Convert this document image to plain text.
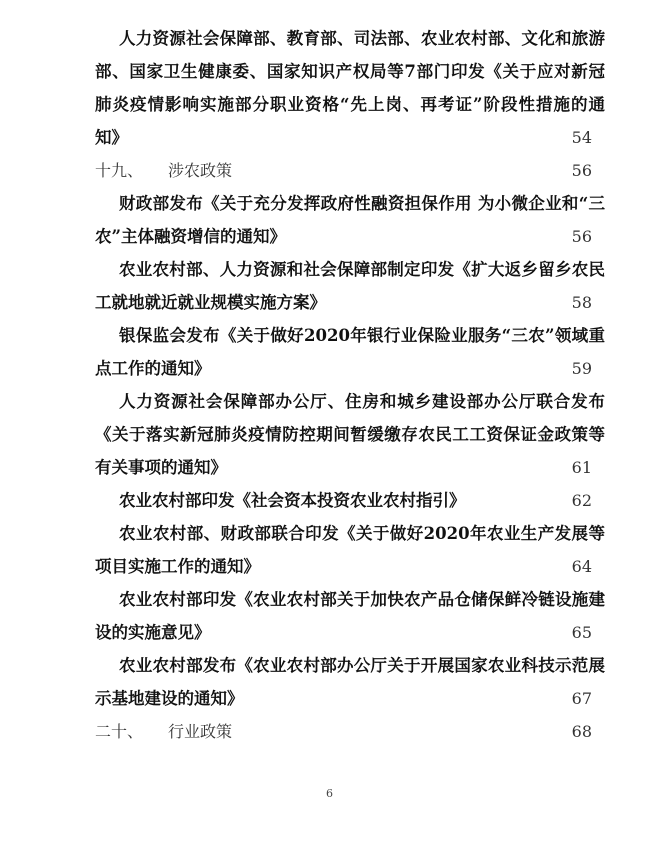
人力资源社会保障部、教育部、司法部、农业农村部、文化和旅游
部、国家卫生健康委、国家知识产权局等7部门印发《关于应对新冠
肺炎疫情影响实施部分职业资格“先上岗、再考证”阶段性措施的通
知》	54
十九、 涉农政策	56
财政部发布《关于充分发挥政府性融资担保作用 为小微企业和“三
农”主体融资增信的通知》	56
农业农村部、人力资源和社会保障部制定印发《扩大返乡留乡农民
工就地就近就业规模实施方案》	58
银保监会发布《关于做好2020年银行业保险业服务“三农”领域重
点工作的通知》	59
人力资源社会保障部办公厅、住房和城乡建设部办公厅联合发布
《关于落实新冠肺炎疫情防控期间暂缓缴存农民工工资保证金政策等
有关事项的通知》	61
农业农村部印发《社会资本投资农业农村指引》	62
农业农村部、财政部联合印发《关于做好2020年农业生产发展等
项目实施工作的通知》	64
农业农村部印发《农业农村部关于加快农产品仓储保鲜冷链设施建
设的实施意见》	65
农业农村部发布《农业农村部办公厅关于开展国家农业科技示范展
示基地建设的通知》	67
二十、 行业政策	68
6
